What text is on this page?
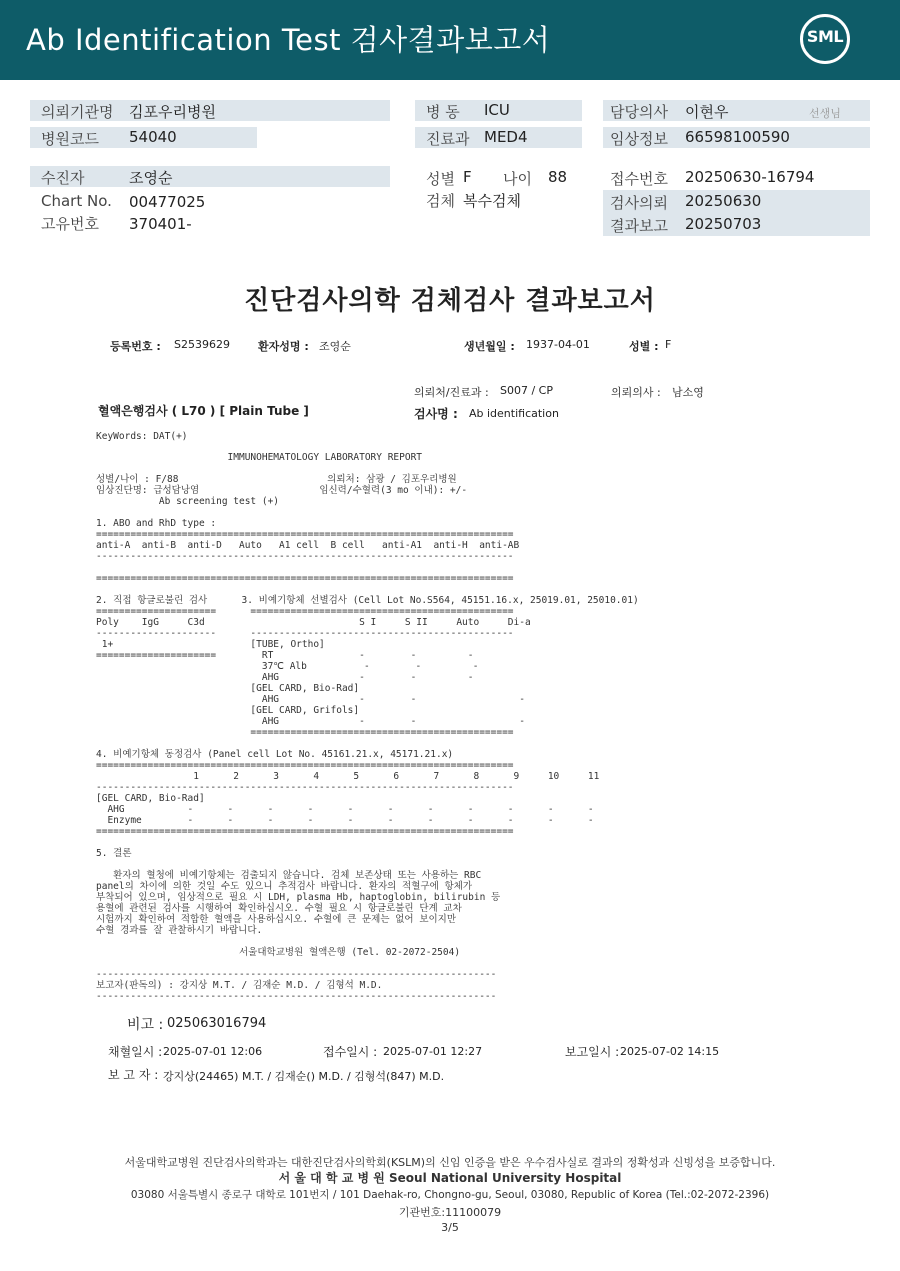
Ab Identification Test 검사결과보고서	SML
의뢰기관명 김포우리병원
병원코드 54040
병 동 ICU
진료과 MED4
담당의사 이현우	선생님
임상정보 66598100590
수진자	조영순
Chart No. 00477025
고유번호 370401-
성별 F 나이 88
검체 복수검체
접수번호 20250630-16794
검사의뢰 20250630
결과보고 20250703
진단검사의학 검체검사 결과보고서
등록번호 : S2539629	환자성명 : 조영순	생년월일 : 1937-04-01	성별 : F
의뢰처/진료과 : S007 / CP	의뢰의사 : 남소영
혈액은행검사 ( L70 ) [ Plain Tube ]	검사명 : Ab identification
KeyWords: DAT(+)
IMMUNOHEMATOLOGY LABORATORY REPORT

성별/나이 : F/88                          의뢰처: 삼광 / 김포우리병원
임상진단명: 급성담낭염                     임신력/수혈력(3 mo 이내): +/-
Ab screening test (+)

1. ABO and RhD type :
=========================================================================
anti-A  anti-B  anti-D   Auto   A1 cell  B cell   anti-A1  anti-H  anti-AB
-------------------------------------------------------------------------

=========================================================================

2. 직접 항글로불린 검사      3. 비예기항체 선별검사 (Cell Lot No.S564, 45151.16.x, 25019.01, 25010.01)
=====================      ==============================================
Poly    IgG     C3d                           S I     S II     Auto     Di-a
---------------------      ----------------------------------------------
1+                        [TUBE, Ortho]
=====================        RT               -        -         -
37℃ Alb          -        -         -
AHG              -        -         -
[GEL CARD, Bio-Rad]
AHG              -        -                  -
[GEL CARD, Grifols]
AHG              -        -                  -
==============================================

4. 비예기항체 동정검사 (Panel cell Lot No. 45161.21.x, 45171.21.x)
=========================================================================
1      2      3      4      5      6      7      8      9     10     11
-------------------------------------------------------------------------
[GEL CARD, Bio-Rad]
AHG           -      -      -      -      -      -      -      -      -      -      -
Enzyme        -      -      -      -      -      -      -      -      -      -      -
=========================================================================

5. 결론

환자의 혈청에 비예기항체는 검출되지 않습니다. 검체 보존상태 또는 사용하는 RBC
panel의 차이에 의한 것일 수도 있으니 추적검사 바랍니다. 환자의 적혈구에 항체가
부착되어 있으며, 임상적으로 필요 시 LDH, plasma Hb, haptoglobin, bilirubin 등
용혈에 관련된 검사를 시행하여 확인하십시오. 수혈 필요 시 항글로불린 단계 교차
시험까지 확인하여 적합한 혈액을 사용하십시오. 수혈에 큰 문제는 없어 보이지만
수혈 경과를 잘 관찰하시기 바랍니다.

서울대학교병원 혈액은행 (Tel. 02-2072-2504)

----------------------------------------------------------------------
보고자(판독의) : 강지상 M.T. / 김재순 M.D. / 김형석 M.D.
----------------------------------------------------------------------

비고 : 025063016794
채혈일시 : 2025-07-01 12:06	접수일시 : 2025-07-01 12:27	보고일시 : 2025-07-02 14:15
보 고 자 : 강지상(24465) M.T. / 김재순() M.D. / 김형석(847) M.D.
서울대학교병원 진단검사의학과는 대한진단검사의학회(KSLM)의 신임 인증을 받은 우수검사실로 결과의 정확성과 신빙성을 보증합니다.
서 울 대 학 교 병 원 Seoul National University Hospital
03080 서울특별시 종로구 대학로 101번지 / 101 Daehak-ro, Chongno-gu, Seoul, 03080, Republic of Korea (Tel.:02-2072-2396)
기관번호:11100079
3/5
